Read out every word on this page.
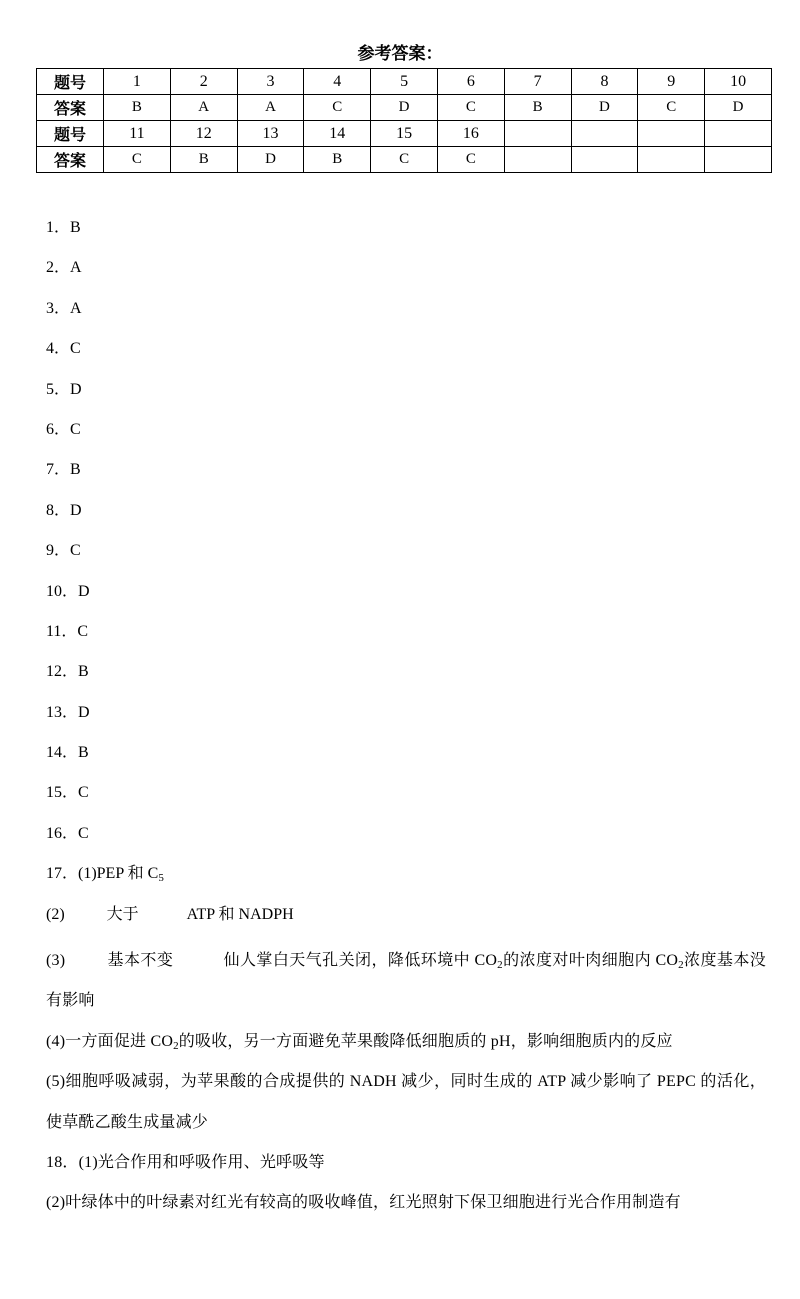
参考答案：
题号	1	2	3	4	5	6	7	8	9	10
答案	B	A	A	C	D	C	B	D	C	D
题号	11	12	13	14	15	16				
答案	C	B	D	B	C	C				
1．B
2．A
3．A
4．C
5．D
6．C
7．B
8．D
9．C
10．D
11．C
12．B
13．D
14．B
15．C
16．C
17．(1)PEP 和 $C_5$
(2)	大于	ATP 和 NADPH
(3)	基本不变	仙人掌白天气孔关闭，降低环境中 $CO_2$的浓度对叶肉细胞内 $CO_2$浓度基本没有影响
(4)一方面促进 $CO_2$的吸收，另一方面避免苹果酸降低细胞质的 pH，影响细胞质内的反应
(5)细胞呼吸减弱，为苹果酸的合成提供的 NADH 减少，同时生成的 ATP 减少影响了 PEPC 的活化，使草酰乙酸生成量减少
18．(1)光合作用和呼吸作用、光呼吸等
(2)叶绿体中的叶绿素对红光有较高的吸收峰值，红光照射下保卫细胞进行光合作用制造有
